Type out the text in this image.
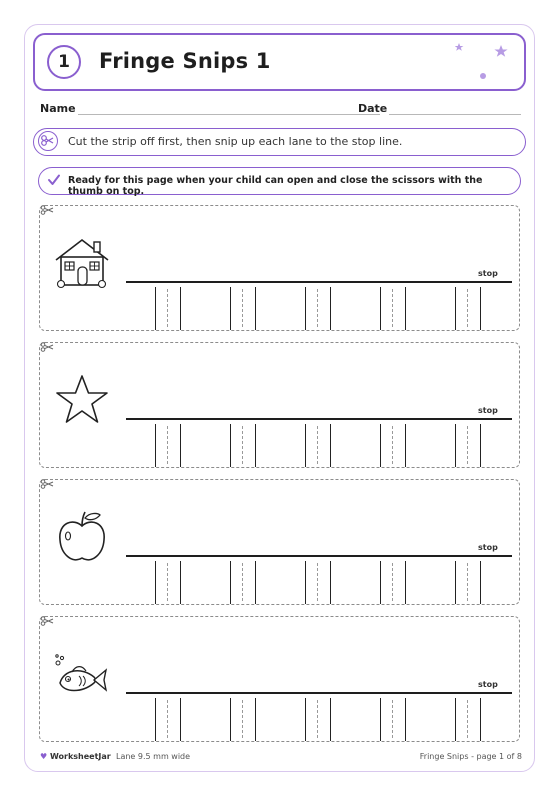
1	Fringe Snips 1
Name	Date
Cut the strip off first, then snip up each lane to the stop line.
Ready for this page when your child can open and close the scissors with the thumb on top.
stop
stop
stop
stop
♥ WorksheetJar Lane 9.5 mm wide	Fringe Snips - page 1 of 8
